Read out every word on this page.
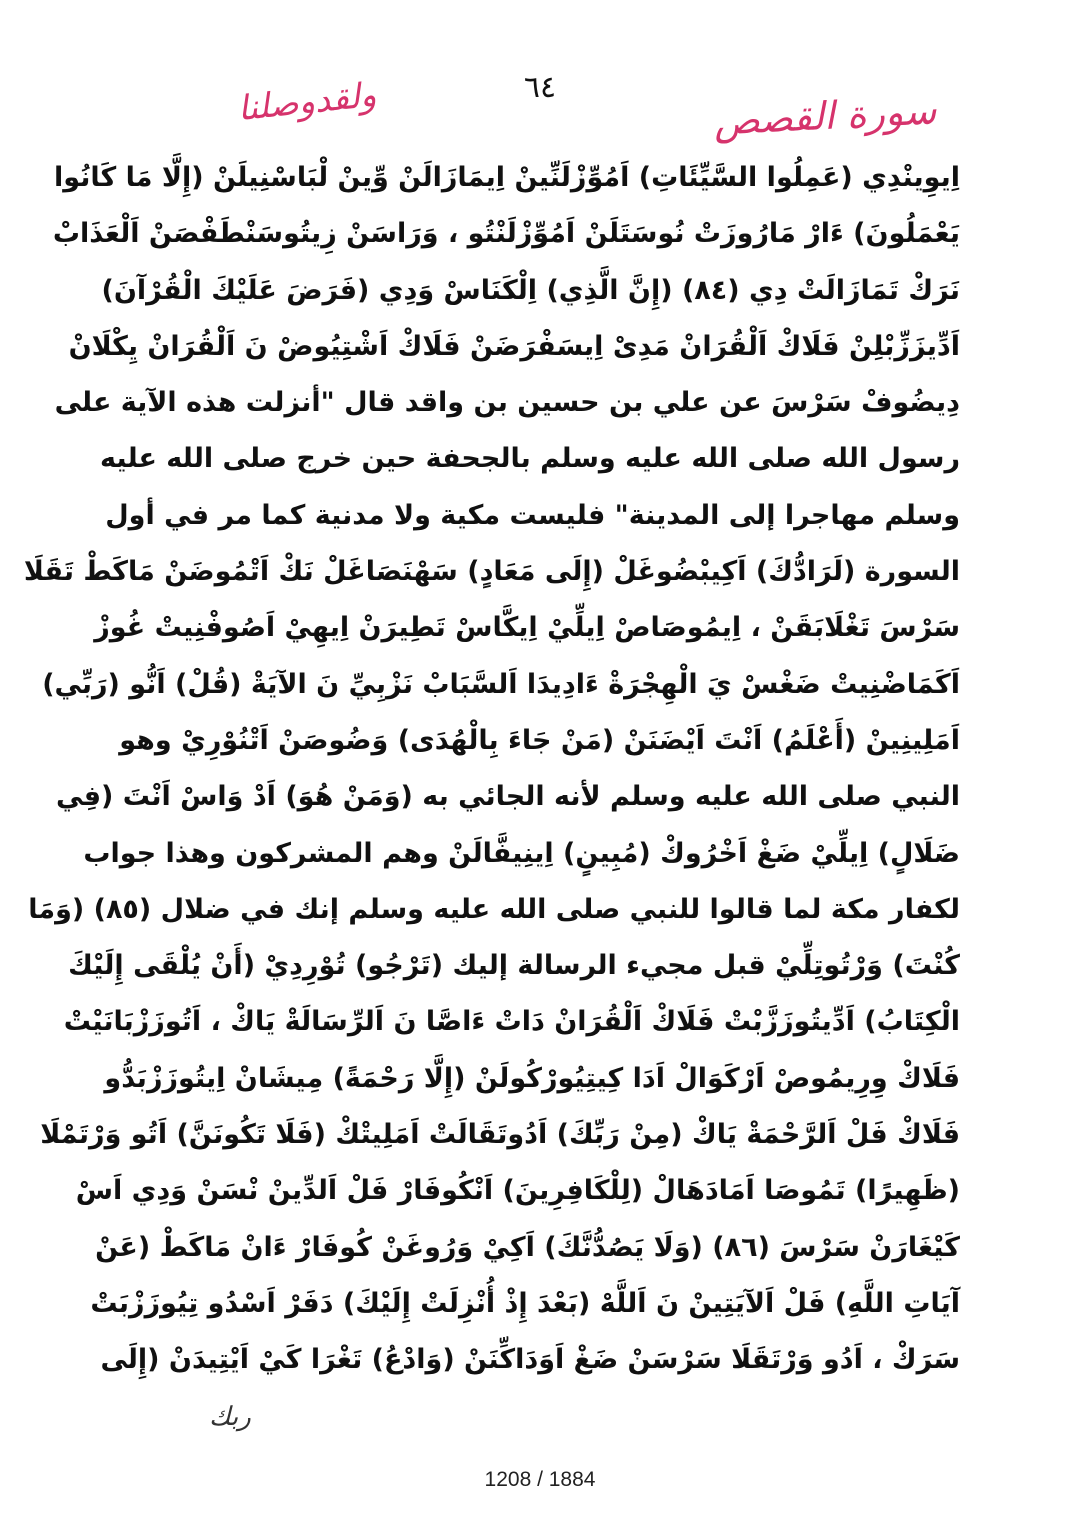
٦٤
ولقدوصلنا	سورة القصص
اِيوِينْدِي (عَمِلُوا السَّيِّئَاتِ) اَمُوِّزْلَنِّينْ اِيمَازَالَنْ وِّينْ لْبَاسْنِيلَنْ (إِلَّا مَا كَانُوا
يَعْمَلُونَ) ءَارْ مَارُوزَتْ نُوسَتَلَنْ اَمُوِّزْلَنْتُو ، وَرَاسَنْ زِيتُوسَنْطَفْصَنْ اَلْعَذَابْ
نَرَكْ تَمَازَالَتْ دِي (٨٤) (إِنَّ الَّذِي) اِلْكَنَاسْ وَدِي (فَرَضَ عَلَيْكَ الْقُرْآنَ)
اَدِّيزَزِّبْلِنْ فَلَاكْ اَلْقُرَانْ مَدِىْ اِيسَفْرَضَنْ فَلَاكْ اَشْتِيُوضْ نَ اَلْقُرَانْ يِكْلَانْ
دِيضُوفْ سَرْسَ عن علي بن حسين بن واقد قال "أنزلت هذه الآية على
رسول الله صلى الله عليه وسلم بالجحفة حين خرج صلى الله عليه
وسلم مهاجرا إلى المدينة" فليست مكية ولا مدنية كما مر في أول
السورة (لَرَادُّكَ) اَكِيبْضُوغَلْ (إِلَى مَعَادٍ) سَهْنَصَاغَلْ نَكْ اَتْمُوضَنْ مَاكَطْ تَقَلَا
سَرْسَ تَغْلَابَقَنْ ، اِيمُوصَاصْ اِيلِّيْ اِيكَّاسْ تَطِيرَنْ اِيهِيْ اَصُوفْنِيتْ غُوزْ
اَكَمَاضْنِيتْ ضَغْسْ يَ الْهِجْرَةْ ءَادِيدَا اَلسَّبَابْ نَزْبِيِّ نَ الآيَةْ (قُلْ) اَنُّو (رَبِّي)
اَمَلِينِينْ (أَعْلَمُ) اَنْتَ اَيْضَنَنْ (مَنْ جَاءَ بِالْهُدَى) وَضُوصَنْ اَتْنُوْرِيْ وهو
النبي صلى الله عليه وسلم لأنه الجائي به (وَمَنْ هُوَ) اَدْ وَاسْ اَنْتَ (فِي
ضَلَالٍ) اِيلِّيْ ضَغْ اَخْرُوكْ (مُبِينٍ) اِينِيفَّالَنْ وهم المشركون وهذا جواب
لكفار مكة لما قالوا للنبي صلى الله عليه وسلم إنك في ضلال (٨٥) (وَمَا
كُنْتَ) وَرْتُوتِلِّيْ قبل مجيء الرسالة إليك (تَرْجُو) تُوْرِدِيْ (أَنْ يُلْقَى إِلَيْكَ
الْكِتَابُ) اَدِّيتُوزَزَّبْتْ فَلَاكْ اَلْقُرَانْ دَاتْ ءَاصَّا نَ اَلرِّسَالَةْ يَاكْ ، اَتُوزَزْبَانَيْتْ
فَلَاكْ وِرِيمُوصْ اَرْكَوَالْ اَدَا كِيتِيُورْكُولَنْ (إِلَّا رَحْمَةً) مِيشَانْ اِيتُوزَزْبَدُّو
فَلَاكْ فَلْ اَلرَّحْمَةْ يَاكْ (مِنْ رَبِّكَ) اَدُوتَقَالَتْ اَمَلِيتْكْ (فَلَا تَكُونَنَّ) اَتُو وَرْتَمْلَا
(ظَهِيرًا) تَمُوصَا اَمَادَهَالْ (لِلْكَافِرِينَ) اَنْكُوفَارْ فَلْ اَلدِّينْ نْسَنْ وَدِي اَسْ
كَيْغَارَنْ سَرْسَ (٨٦) (وَلَا يَصُدُّنَّكَ) اَكِيْ وَرُوغَنْ كُوفَارْ ءَانْ مَاكَطْ (عَنْ
آيَاتِ اللَّهِ) فَلْ اَلآيَتِينْ نَ اَللَّهْ (بَعْدَ إِذْ أُنْزِلَتْ إِلَيْكَ) دَفَرْ اَسْدُو تِيُوزَزْبَتْ
سَرَكْ ، اَدُو وَرْتَقَلَا سَرْسَنْ ضَغْ اَوَدَاكِّنَنْ (وَادْعُ) تَغْرَا كَيْ اَيْتِيدَنْ (إِلَى
ربك
1208 / 1884
